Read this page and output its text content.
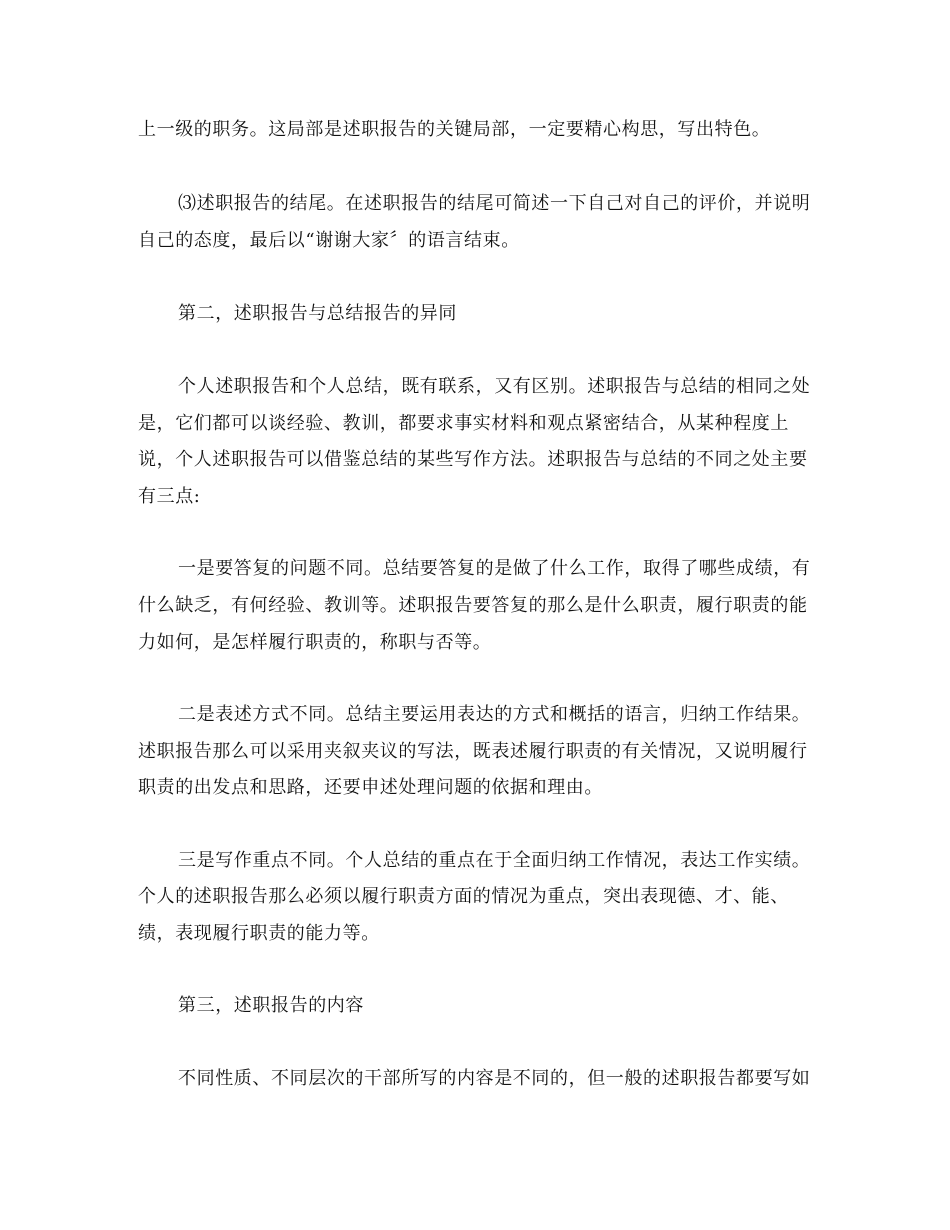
上一级的职务。这局部是述职报告的关键局部，一定要精心构思，写出特色。
⑶述职报告的结尾。在述职报告的结尾可简述一下自己对自己的评价，并说明
自己的态度，最后以“谢谢大家〞的语言结束。
第二，述职报告与总结报告的异同
个人述职报告和个人总结，既有联系，又有区别。述职报告与总结的相同之处
是，它们都可以谈经验、教训，都要求事实材料和观点紧密结合，从某种程度上
说，个人述职报告可以借鉴总结的某些写作方法。述职报告与总结的不同之处主要
有三点:
一是要答复的问题不同。总结要答复的是做了什么工作，取得了哪些成绩，有
什么缺乏，有何经验、教训等。述职报告要答复的那么是什么职责，履行职责的能
力如何，是怎样履行职责的，称职与否等。
二是表述方式不同。总结主要运用表达的方式和概括的语言，归纳工作结果。
述职报告那么可以采用夹叙夹议的写法，既表述履行职责的有关情况，又说明履行
职责的出发点和思路，还要申述处理问题的依据和理由。
三是写作重点不同。个人总结的重点在于全面归纳工作情况，表达工作实绩。
个人的述职报告那么必须以履行职责方面的情况为重点，突出表现德、才、能、
绩，表现履行职责的能力等。
第三，述职报告的内容
不同性质、不同层次的干部所写的内容是不同的，但一般的述职报告都要写如
